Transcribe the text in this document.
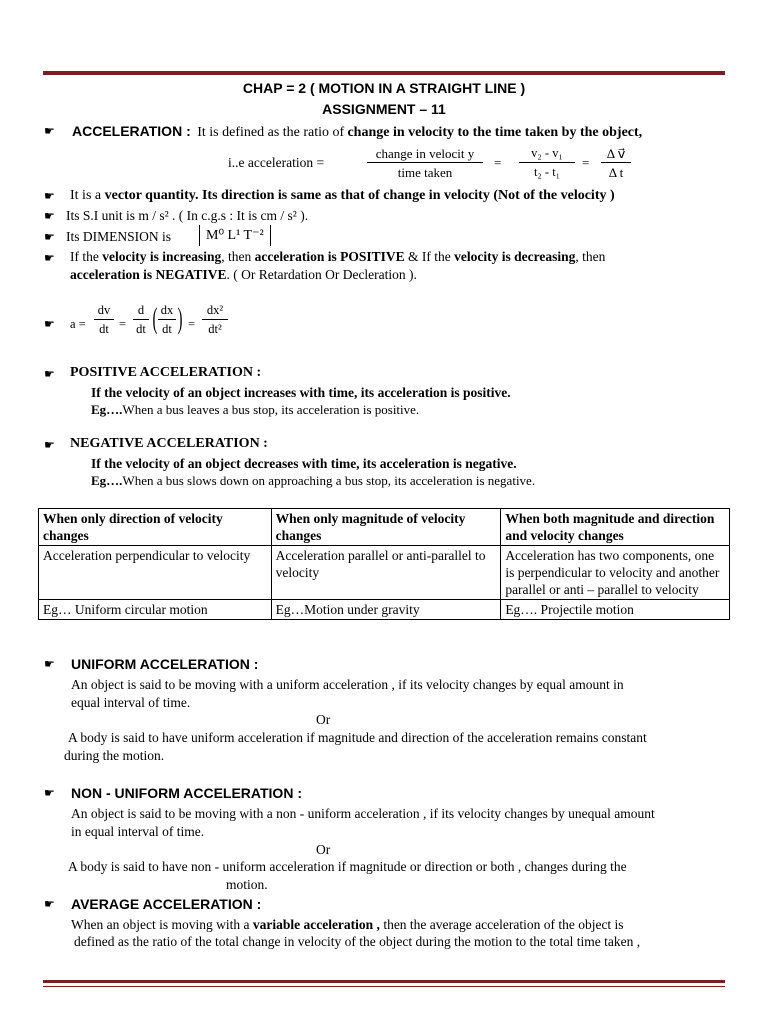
CHAP = 2 ( MOTION IN A STRAIGHT LINE )
ASSIGNMENT – 11
☛ ACCELERATION : It is defined as the ratio of change in velocity to the time taken by the object,
i..e acceleration =
change in velocit y
time taken
=
v₂ - v₁
t₂ - t₁
=
Δ v⃗
Δ t
☛ It is a vector quantity. Its direction is same as that of change in velocity (Not of the velocity )
☛ Its S.I unit is m / s² . ( In c.g.s : It is cm / s² ).
☛ Its DIMENSION is	M⁰ L¹ T⁻²
☛ If the velocity is increasing, then acceleration is POSITIVE & If the velocity is decreasing, then
acceleration is NEGATIVE. ( Or Retardation Or Decleration ).
☛ a =
dv
dt =
d
dt ( dx
dt ) =
dx²
dt²
☛ POSITIVE ACCELERATION :
If the velocity of an object increases with time, its acceleration is positive.
Eg….When a bus leaves a bus stop, its acceleration is positive.
☛ NEGATIVE ACCELERATION :
If the velocity of an object decreases with time, its acceleration is negative.
Eg….When a bus slows down on approaching a bus stop, its acceleration is negative.
When only direction of velocity changes	When only magnitude of velocity changes	When both magnitude and direction and velocity changes
Acceleration perpendicular to velocity	Acceleration parallel or anti-parallel to velocity	Acceleration has two components, one is perpendicular to velocity and another parallel or anti – parallel to velocity
Eg… Uniform circular motion	Eg…Motion under gravity	Eg…. Projectile motion
☛ UNIFORM ACCELERATION :
An object is said to be moving with a uniform acceleration , if its velocity changes by equal amount in
equal interval of time.
Or
A body is said to have uniform acceleration if magnitude and direction of the acceleration remains constant
during the motion.
☛ NON - UNIFORM ACCELERATION :
An object is said to be moving with a non - uniform acceleration , if its velocity changes by unequal amount
in equal interval of time.
Or
A body is said to have non - uniform acceleration if magnitude or direction or both , changes during the
motion.
☛ AVERAGE ACCELERATION :
When an object is moving with a variable acceleration , then the average acceleration of the object is
defined as the ratio of the total change in velocity of the object during the motion to the total time taken ,
